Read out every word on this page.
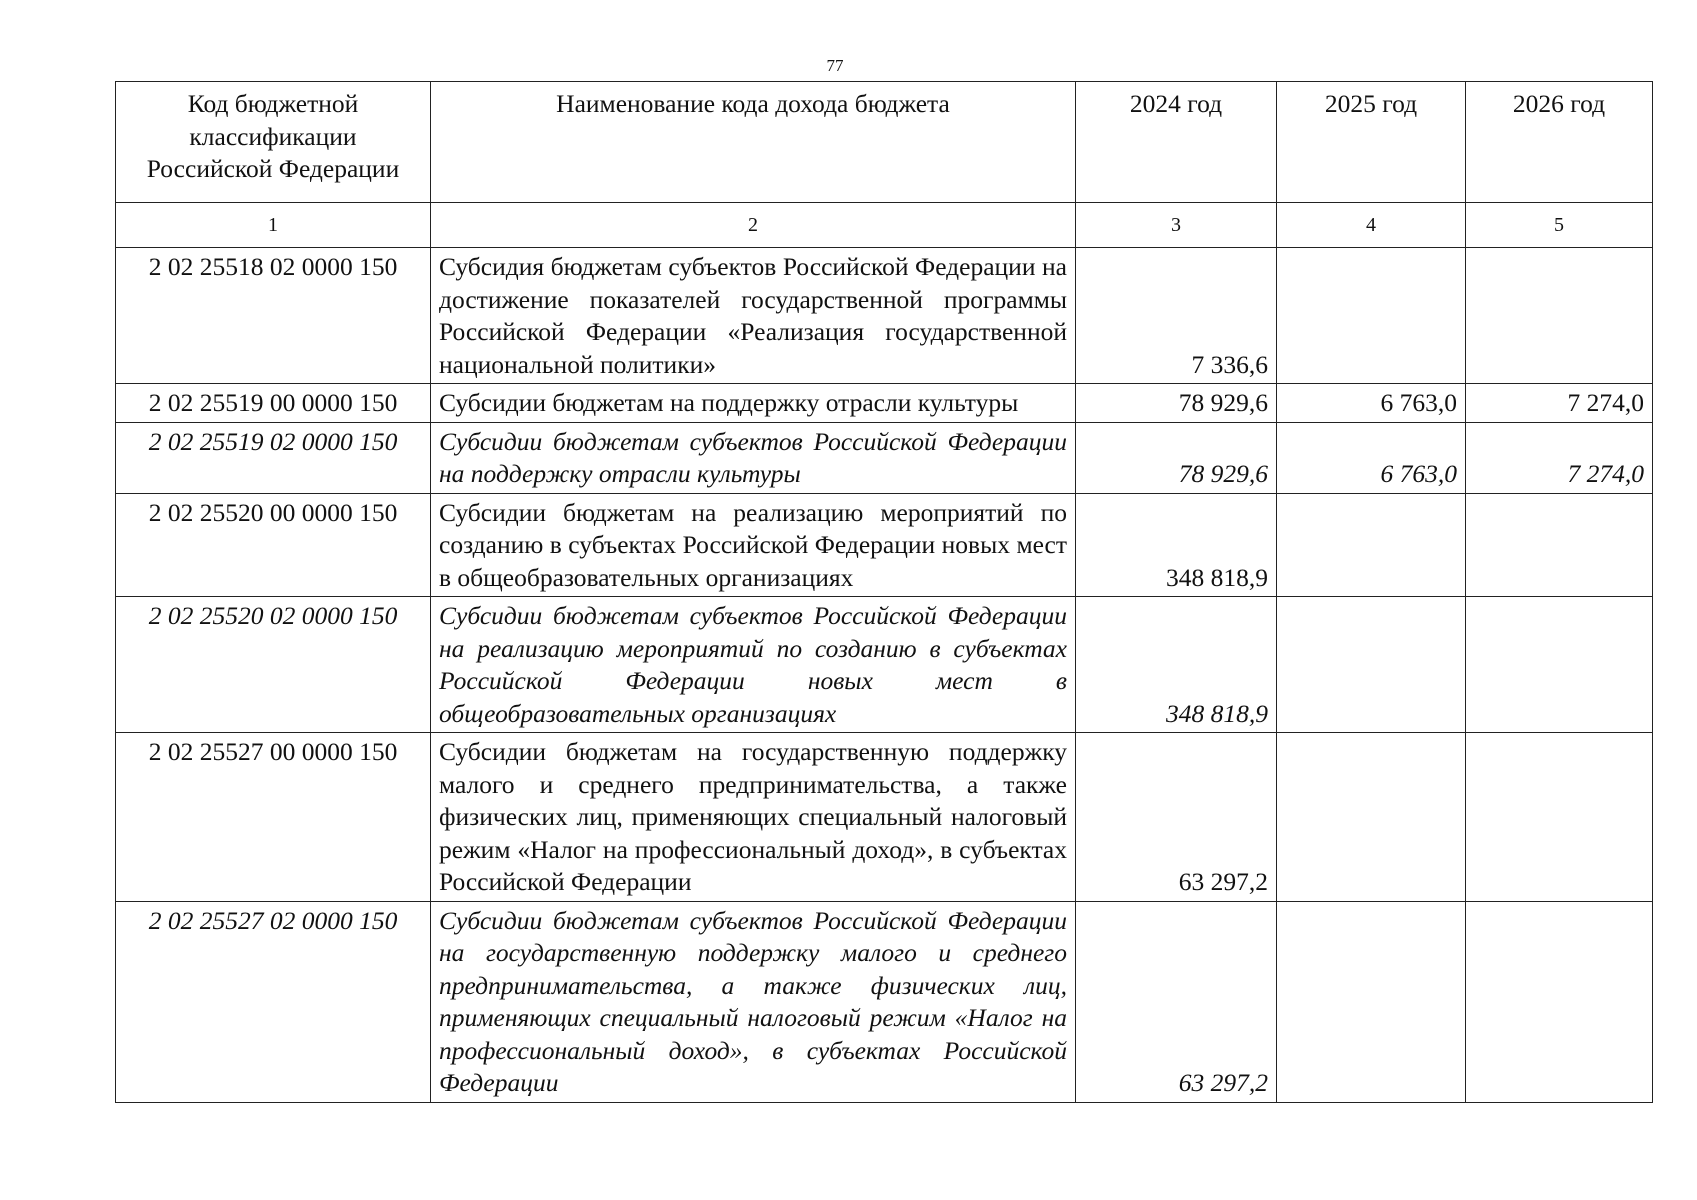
77
Код бюджетной
классификации
Российской Федерации	Наименование кода дохода бюджета	2024 год	2025 год	2026 год
1	2	3	4	5
2 02 25518 02 0000 150	Субсидия бюджетам субъектов Российской Федерации на достижение показателей государственной программы Российской Федерации «Реализация государственной национальной политики»	7 336,6		
2 02 25519 00 0000 150	Субсидии бюджетам на поддержку отрасли культуры	78 929,6	6 763,0	7 274,0
2 02 25519 02 0000 150	Субсидии бюджетам субъектов Российской Федерации на поддержку отрасли культуры	78 929,6	6 763,0	7 274,0
2 02 25520 00 0000 150	Субсидии бюджетам на реализацию мероприятий по созданию в субъектах Российской Федерации новых мест в общеобразовательных организациях	348 818,9		
2 02 25520 02 0000 150	Субсидии бюджетам субъектов Российской Федерации на реализацию мероприятий по созданию в субъектах Российской Федерации новых мест в общеобразовательных организациях	348 818,9		
2 02 25527 00 0000 150	Субсидии бюджетам на государственную поддержку малого и среднего предпринимательства, а также физических лиц, применяющих специальный налоговый режим «Налог на профессиональный доход», в субъектах Российской Федерации	63 297,2		
2 02 25527 02 0000 150	Субсидии бюджетам субъектов Российской Федерации на государственную поддержку малого и среднего предпринимательства, а также физических лиц, применяющих специальный налоговый режим «Налог на профессиональный доход», в субъектах Российской Федерации	63 297,2		
